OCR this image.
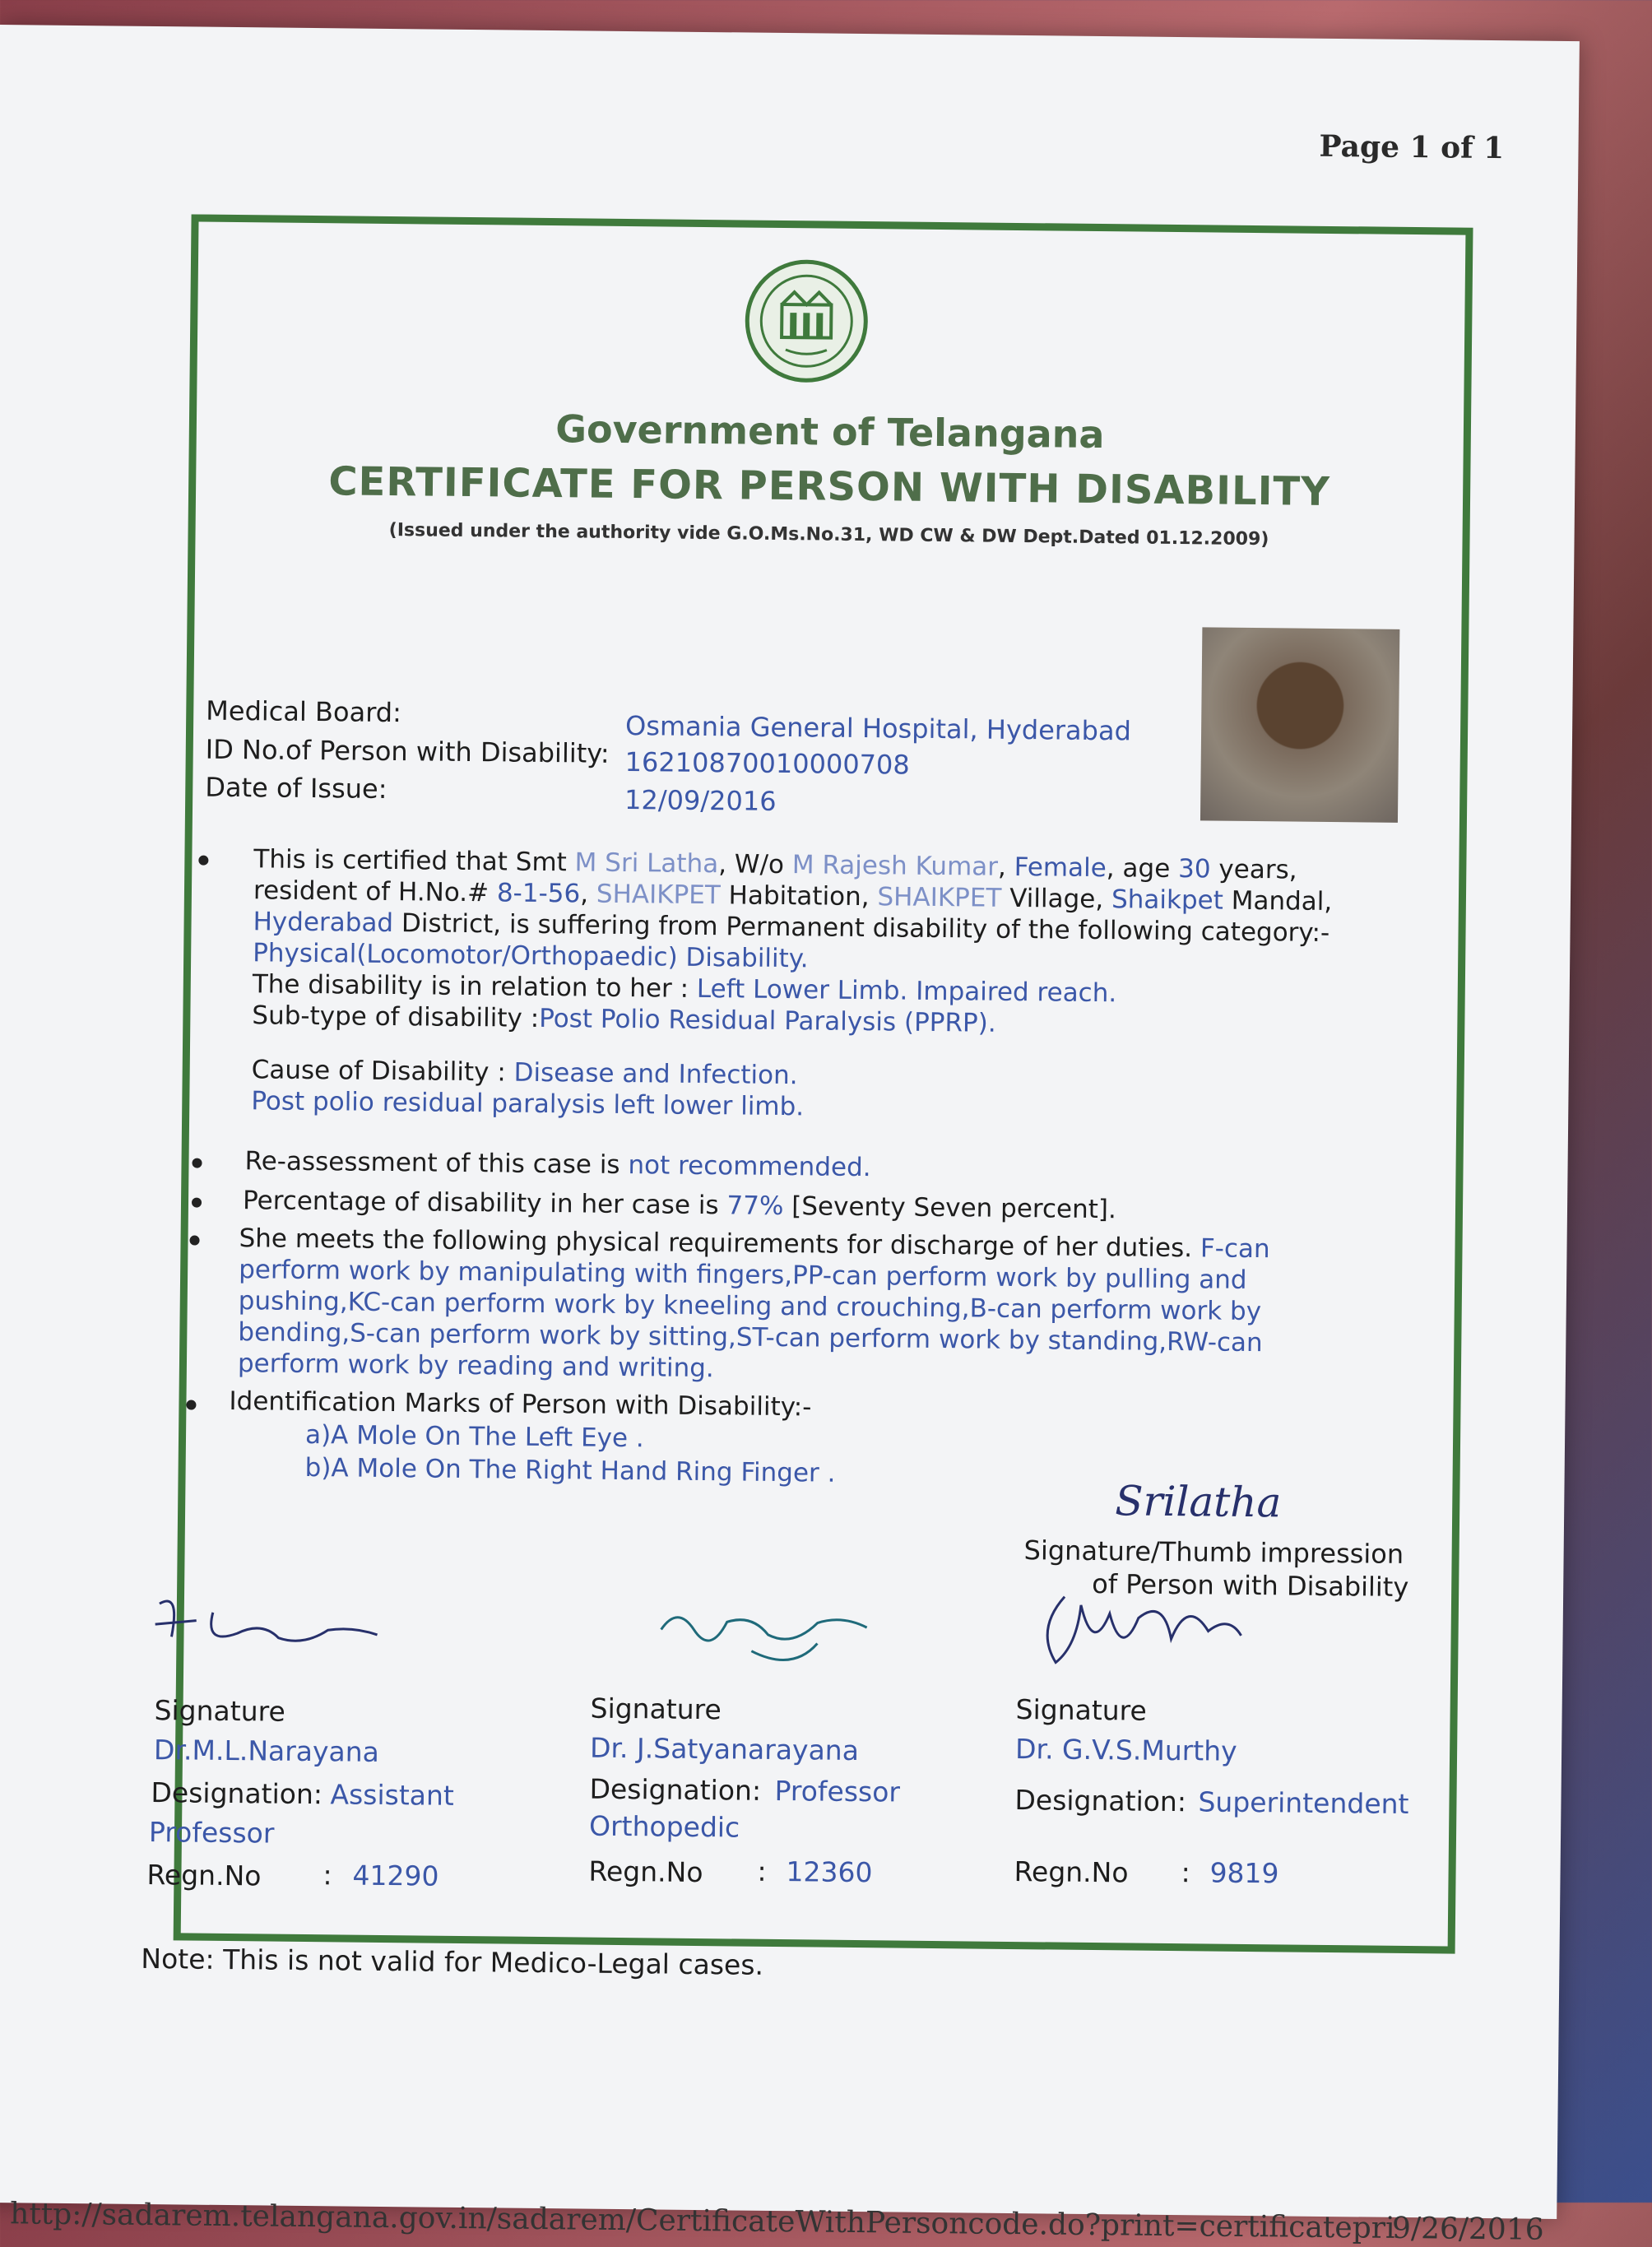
Page 1 of 1
Government of Telangana
CERTIFICATE FOR PERSON WITH DISABILITY
(Issued under the authority vide G.O.Ms.No.31, WD CW & DW Dept.Dated 01.12.2009)
Medical Board:	Osmania General Hospital, Hyderabad
ID No.of Person with Disability: 16210870010000708
Date of Issue:	12/09/2016
This is certified that Smt M Sri Latha, W/o M Rajesh Kumar, Female, age 30 years,
resident of H.No.# 8-1-56, SHAIKPET Habitation, SHAIKPET Village, Shaikpet Mandal,
Hyderabad District, is suffering from Permanent disability of the following category:-
Physical(Locomotor/Orthopaedic) Disability.
The disability is in relation to her : Left Lower Limb. Impaired reach.
Sub-type of disability :Post Polio Residual Paralysis (PPRP).
Cause of Disability : Disease and Infection.
Post polio residual paralysis left lower limb.
Re-assessment of this case is not recommended.
Percentage of disability in her case is 77% [Seventy Seven percent].
She meets the following physical requirements for discharge of her duties. F-can
perform work by manipulating with fingers,PP-can perform work by pulling and
pushing,KC-can perform work by kneeling and crouching,B-can perform work by
bending,S-can perform work by sitting,ST-can perform work by standing,RW-can
perform work by reading and writing.
Identification Marks of Person with Disability:-
a)A Mole On The Left Eye .
b)A Mole On The Right Hand Ring Finger .
Srilatha
Signature/Thumb impression
of Person with Disability
Signature
Dr.M.L.Narayana
Designation: Assistant
Professor
Regn.No : 41290
Signature
Dr. J.Satyanarayana
Designation: Professor
Orthopedic
Regn.No : 12360
Signature
Dr. G.V.S.Murthy
Designation: Superintendent
Regn.No : 9819
Note: This is not valid for Medico-Legal cases.
http://sadarem.telangana.gov.in/sadarem/CertificateWithPersoncode.do?print=certificatepri
9/26/2016
